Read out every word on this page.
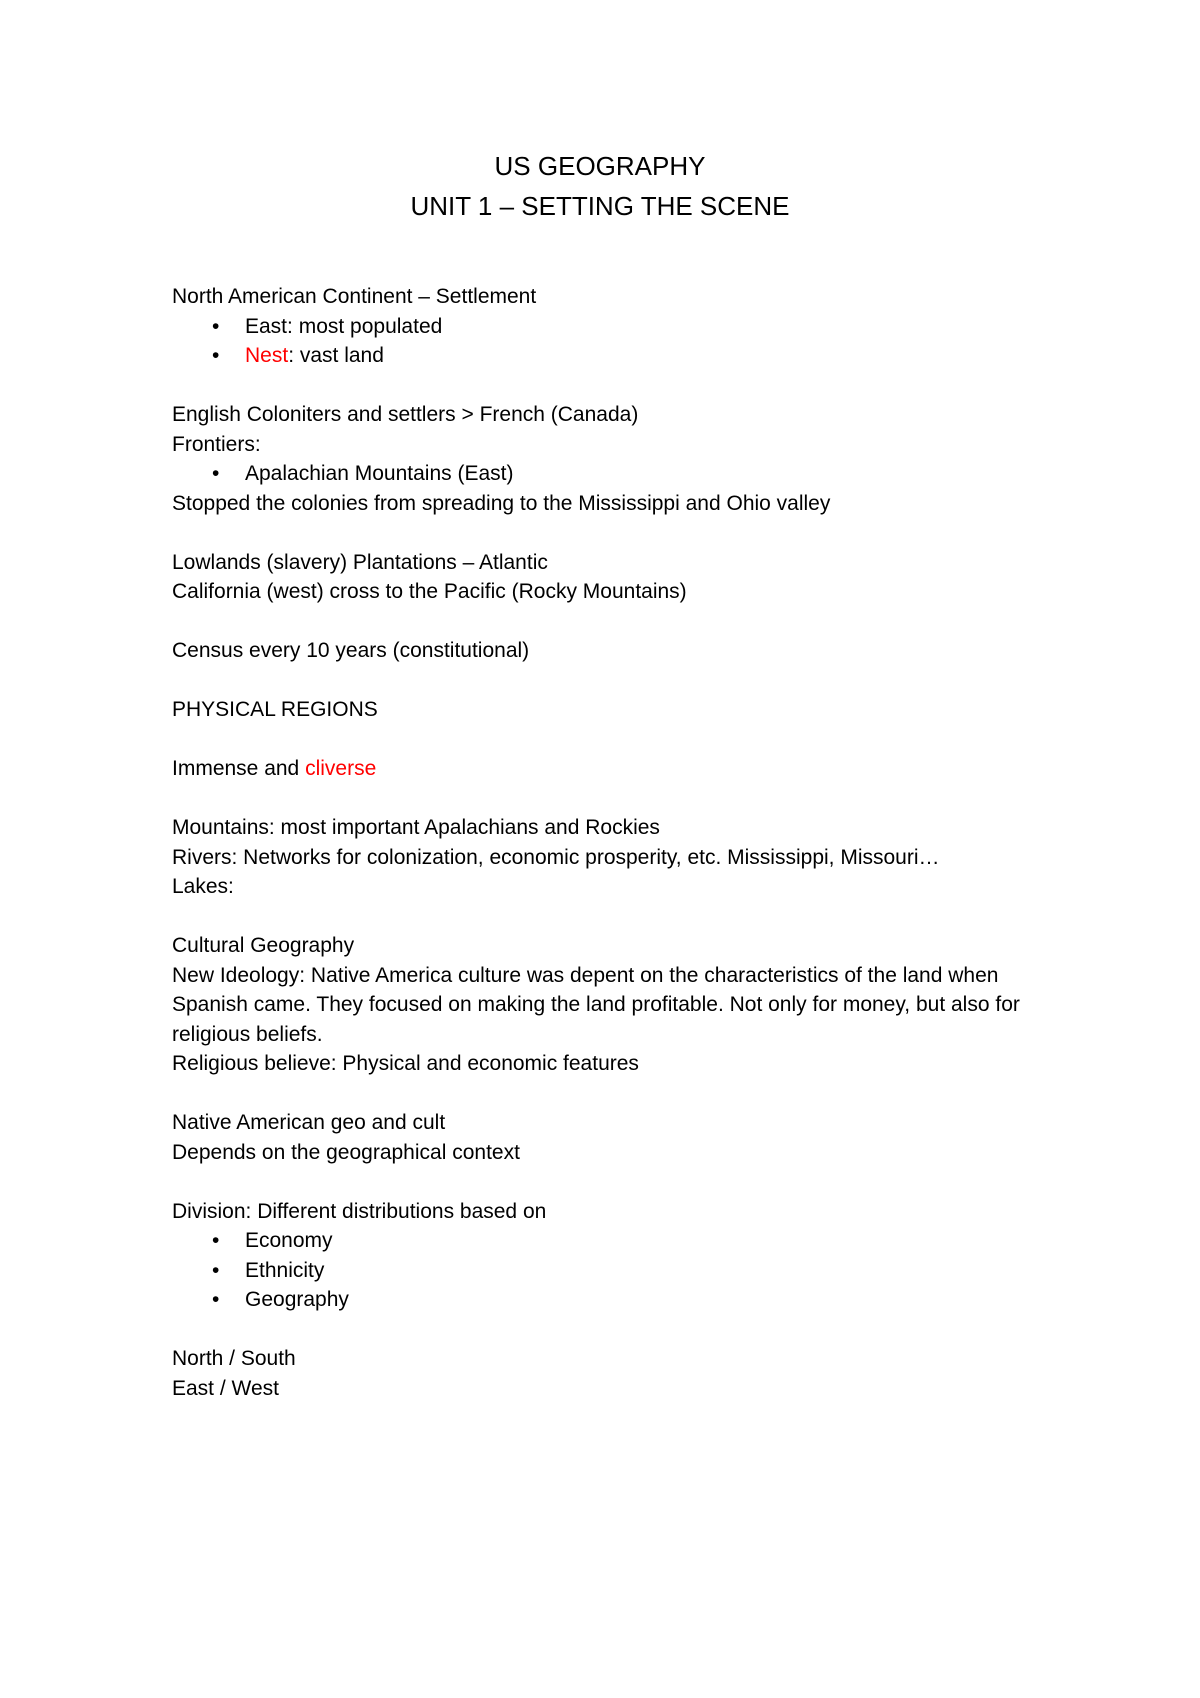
US GEOGRAPHY
UNIT 1 – SETTING THE SCENE
North American Continent – Settlement
• East: most populated
• Nest: vast land
English Coloniters and settlers > French (Canada)
Frontiers:
• Apalachian Mountains (East)
Stopped the colonies from spreading to the Mississippi and Ohio valley
Lowlands (slavery) Plantations – Atlantic
California (west) cross to the Pacific (Rocky Mountains)
Census every 10 years (constitutional)
PHYSICAL REGIONS
Immense and cliverse
Mountains: most important Apalachians and Rockies
Rivers: Networks for colonization, economic prosperity, etc. Mississippi, Missouri…
Lakes:
Cultural Geography
New Ideology: Native America culture was depent on the characteristics of the land when Spanish came. They focused on making the land profitable. Not only for money, but also for religious beliefs.
Religious believe: Physical and economic features
Native American geo and cult
Depends on the geographical context
Division: Different distributions based on
• Economy
• Ethnicity
• Geography
North / South
East / West
